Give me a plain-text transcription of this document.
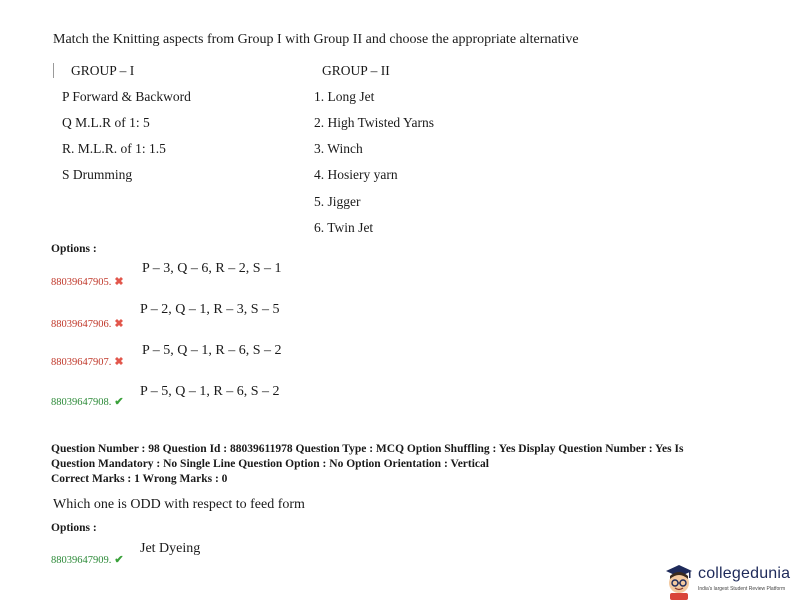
Match the Knitting aspects from Group I with Group II and choose the appropriate alternative
GROUP – I	GROUP – II
P Forward & Backword
Q M.L.R of 1: 5
R. M.L.R. of 1: 1.5
S Drumming
1. Long Jet
2. High Twisted Yarns
3. Winch
4. Hosiery yarn
5. Jigger
6. Twin Jet
Options :
88039647905. ✖
P – 3, Q – 6, R – 2, S – 1
88039647906. ✖
P – 2, Q – 1, R – 3, S – 5
88039647907. ✖
P – 5, Q – 1, R – 6, S – 2
88039647908. ✔
P – 5, Q – 1, R – 6, S – 2
Question Number : 98 Question Id : 88039611978 Question Type : MCQ Option Shuffling : Yes Display Question Number : Yes Is
Question Mandatory : No Single Line Question Option : No Option Orientation : Vertical
Correct Marks : 1 Wrong Marks : 0
Which one is ODD with respect to feed form
Options :
88039647909. ✔
Jet Dyeing
collegedunia
India's largest Student Review Platform
